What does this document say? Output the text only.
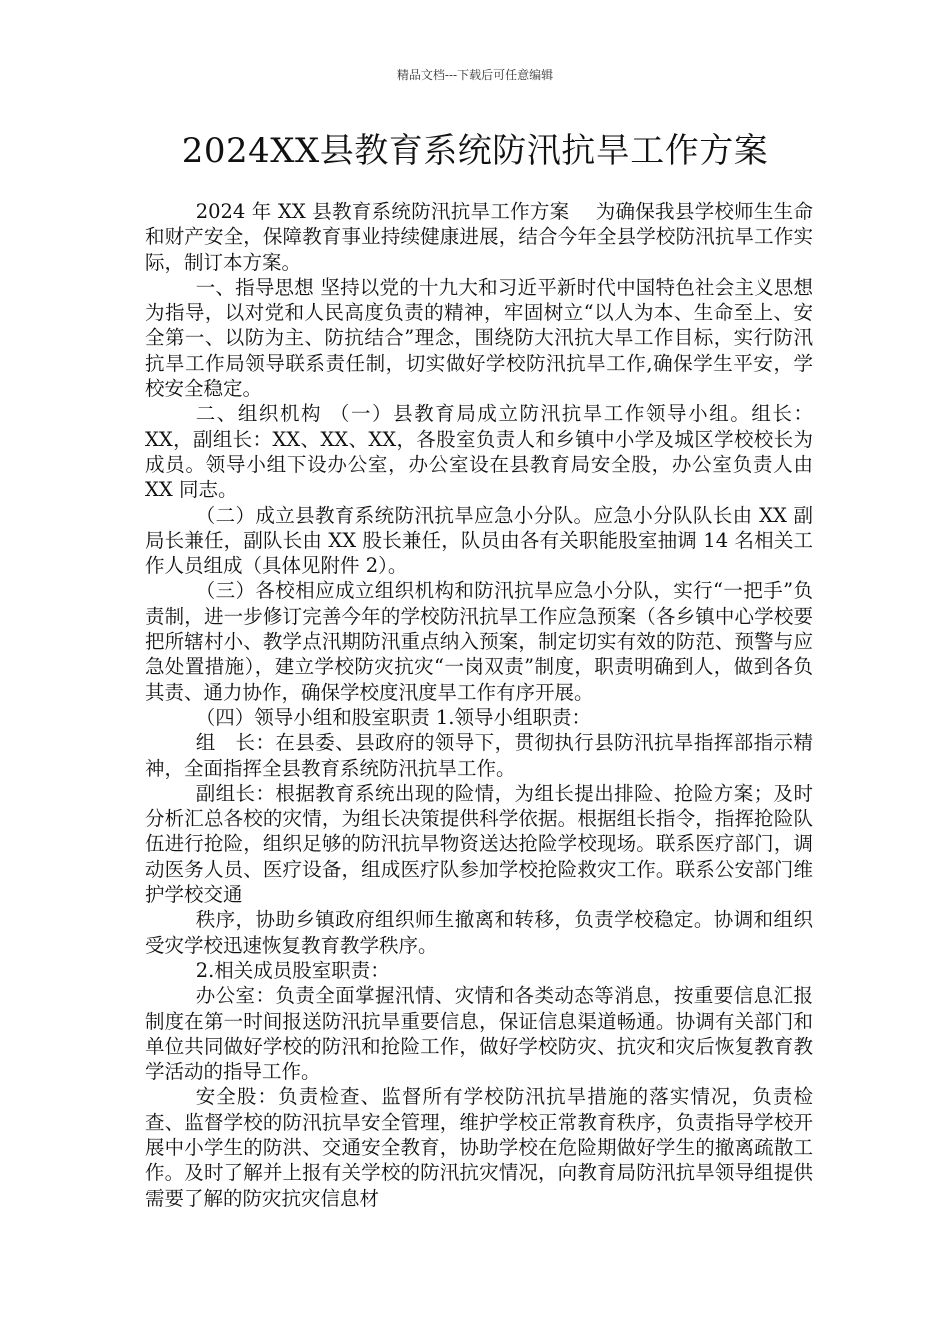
精品文档---下载后可任意编辑
2024XX县教育系统防汛抗旱工作方案

2024 年 XX 县教育系统防汛抗旱工作方案 　为确保我县学校师生生命和财产安全，保障教育事业持续健康进展，结合今年全县学校防汛抗旱工作实际，制订本方案。

一、指导思想 坚持以党的十九大和习近平新时代中国特色社会主义思想为指导，以对党和人民高度负责的精神，牢固树立“以人为本、生命至上、安全第一、以防为主、防抗结合”理念，围绕防大汛抗大旱工作目标，实行防汛抗旱工作局领导联系责任制，切实做好学校防汛抗旱工作,确保学生平安，学校安全稳定。

二、组织机构 （一）县教育局成立防汛抗旱工作领导小组。组长：XX，副组长：XX、XX、XX，各股室负责人和乡镇中小学及城区学校校长为成员。领导小组下设办公室，办公室设在县教育局安全股，办公室负责人由 XX 同志。

（二）成立县教育系统防汛抗旱应急小分队。应急小分队队长由 XX 副局长兼任，副队长由 XX 股长兼任，队员由各有关职能股室抽调 14 名相关工作人员组成（具体见附件 2）。

（三）各校相应成立组织机构和防汛抗旱应急小分队，实行“一把手”负责制，进一步修订完善今年的学校防汛抗旱工作应急预案（各乡镇中心学校要把所辖村小、教学点汛期防汛重点纳入预案，制定切实有效的防范、预警与应急处置措施），建立学校防灾抗灾“一岗双责”制度，职责明确到人，做到各负其责、通力协作，确保学校度汛度旱工作有序开展。

（四）领导小组和股室职责 1.领导小组职责：

组　长：在县委、县政府的领导下，贯彻执行县防汛抗旱指挥部指示精神，全面指挥全县教育系统防汛抗旱工作。

副组长：根据教育系统出现的险情，为组长提出排险、抢险方案；及时分析汇总各校的灾情，为组长决策提供科学依据。根据组长指令，指挥抢险队伍进行抢险，组织足够的防汛抗旱物资送达抢险学校现场。联系医疗部门，调动医务人员、医疗设备，组成医疗队参加学校抢险救灾工作。联系公安部门维护学校交通

秩序，协助乡镇政府组织师生撤离和转移，负责学校稳定。协调和组织受灾学校迅速恢复教育教学秩序。

2.相关成员股室职责：

办公室：负责全面掌握汛情、灾情和各类动态等消息，按重要信息汇报制度在第一时间报送防汛抗旱重要信息，保证信息渠道畅通。协调有关部门和单位共同做好学校的防汛和抢险工作，做好学校防灾、抗灾和灾后恢复教育教学活动的指导工作。

安全股：负责检查、监督所有学校防汛抗旱措施的落实情况，负责检查、监督学校的防汛抗旱安全管理，维护学校正常教育秩序，负责指导学校开展中小学生的防洪、交通安全教育，协助学校在危险期做好学生的撤离疏散工作。及时了解并上报有关学校的防汛抗灾情况，向教育局防汛抗旱领导组提供需要了解的防灾抗灾信息材
